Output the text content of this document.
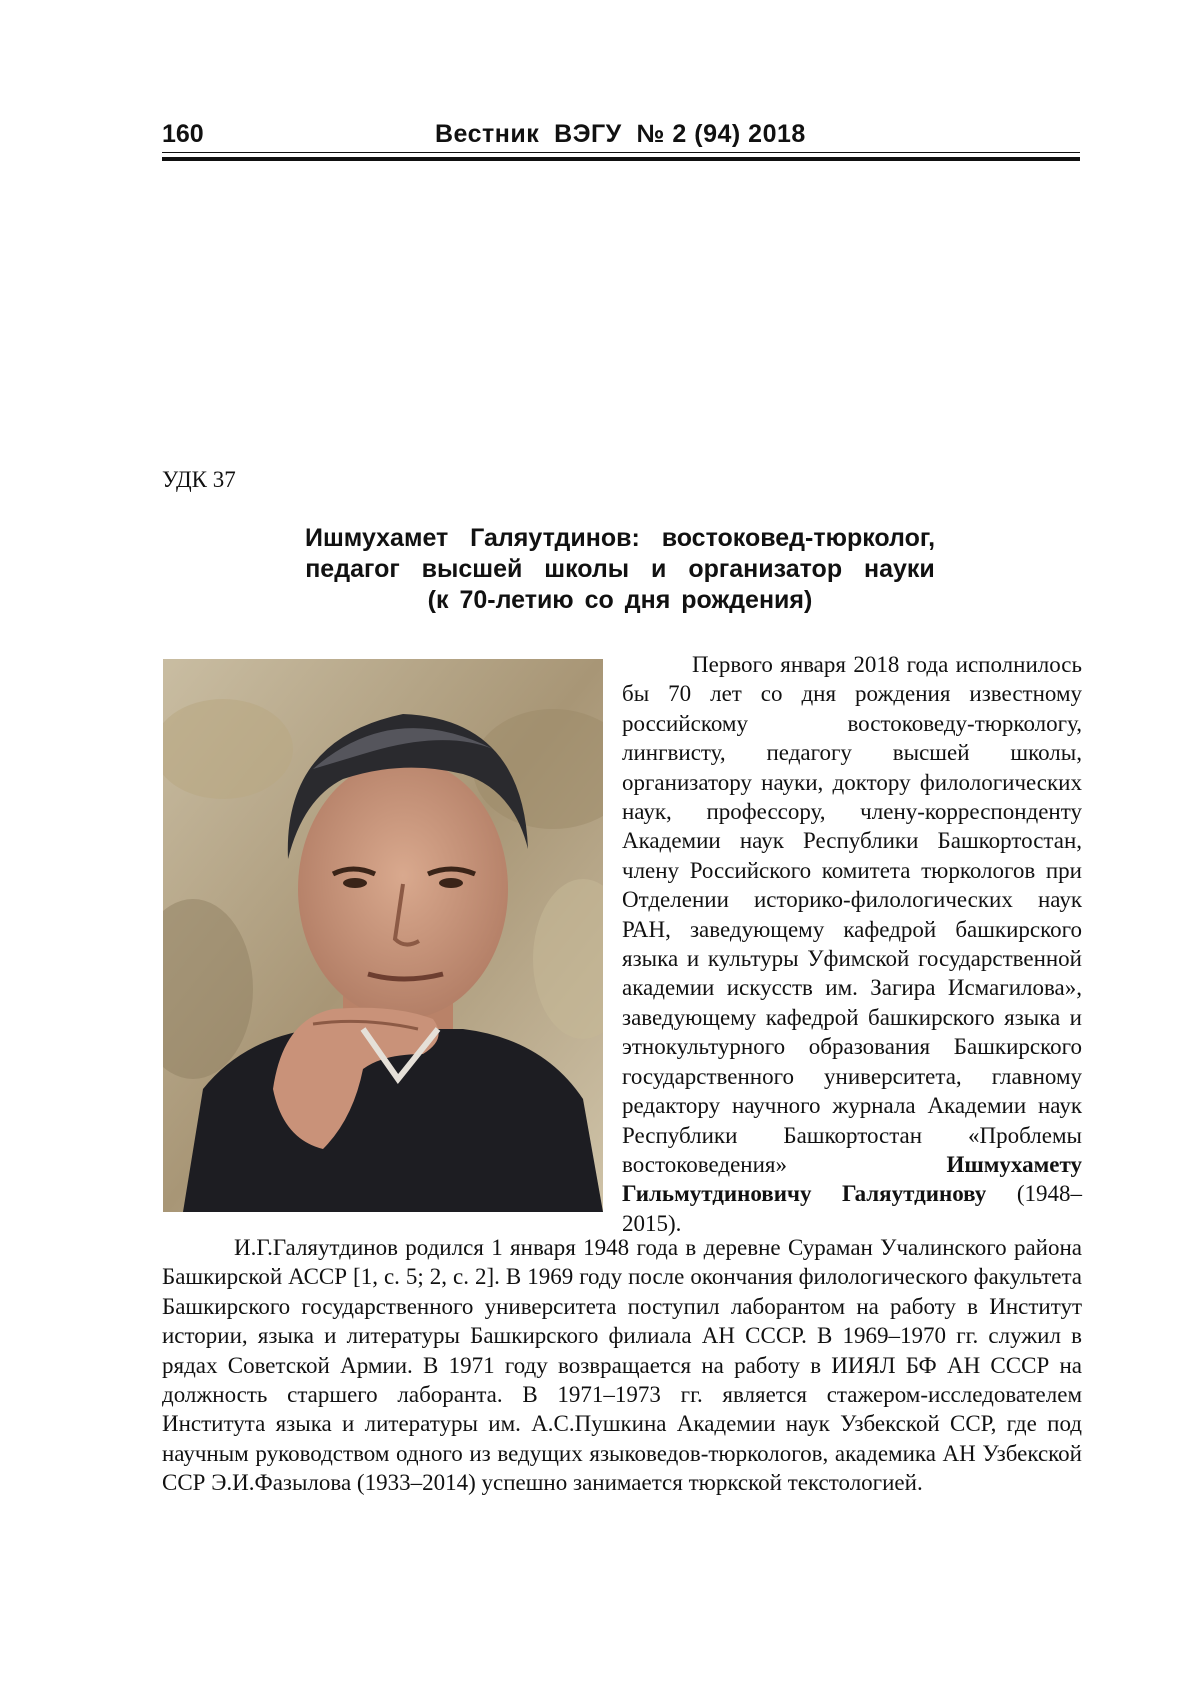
160	Вестник  ВЭГУ  № 2 (94) 2018
УДК 37
Ишмухамет  Галяутдинов:  востоковед-тюрколог,
педагог  высшей  школы  и  организатор  науки
(к 70-летию со дня рождения)
Первого января 2018 года исполнилось бы 70 лет со дня рождения известному российскому востоковеду-тюркологу, лингвисту, педагогу высшей школы, организатору науки, доктору филологических наук, профессору, члену-корреспонденту Академии наук Республики Башкортостан, члену Российского комитета тюркологов при Отделении историко-филологических наук РАН, заведующему кафедрой башкирского языка и культуры Уфимской государственной академии искусств им. Загира Исмагилова», заведующему кафедрой башкирского языка и этнокультурного образования Башкирского государственного университета, главному редактору научного журнала Академии наук Республики Башкортостан «Проблемы востоковедения»	Ишмухамету Гильмутдиновичу Галяутдинову (1948–2015).
И.Г.Галяутдинов родился 1 января 1948 года в деревне Сураман Учалинского района Башкирской АССР [1, с. 5; 2, с. 2]. В 1969 году после окончания филологического факультета Башкирского государственного университета поступил лаборантом на работу в Институт истории, языка и литературы Башкирского филиала АН СССР. В 1969–1970 гг. служил в рядах Советской Армии. В 1971 году возвращается на работу в ИИЯЛ БФ АН СССР на должность старшего лаборанта. В 1971–1973 гг. является стажером-исследователем Института языка и литературы им. А.С.Пушкина Академии наук Узбекской ССР, где под научным руководством одного из ведущих языковедов-тюркологов, академика АН Узбекской ССР Э.И.Фазылова (1933–2014) успешно занимается тюркской текстологией.
